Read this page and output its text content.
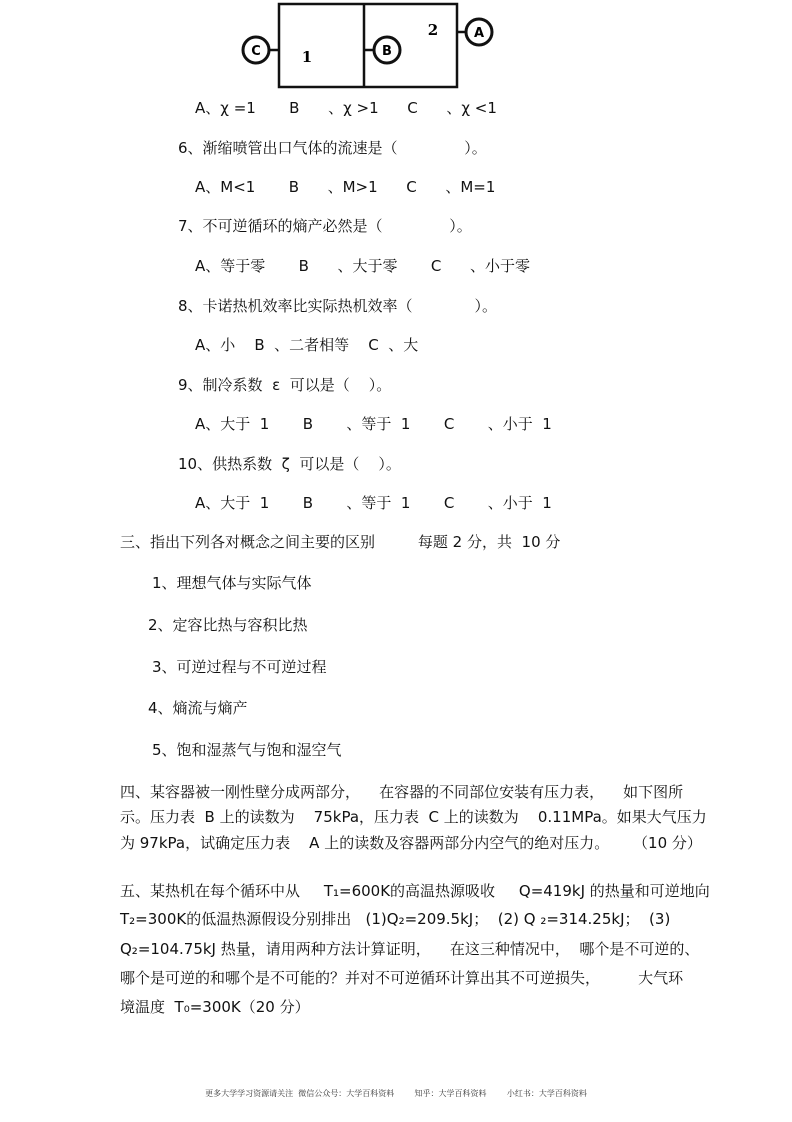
C	B
A
1
2
A、χ =1       B      、χ >1      C      、χ <1
6、渐缩喷管出口气体的流速是（              ）。
A、M<1       B      、M>1      C      、M=1
7、不可逆循环的熵产必然是（              ）。
A、等于零       B      、大于零       C      、小于零
8、卡诺热机效率比实际热机效率（             ）。
A、小    B  、二者相等    C  、大
9、制冷系数  ε  可以是（    ）。
A、大于  1       B       、等于  1       C       、小于  1
10、供热系数  ζ  可以是（    ）。
A、大于  1       B       、等于  1       C       、小于  1
三、指出下列各对概念之间主要的区别         每题 2 分，共  10 分
1、理想气体与实际气体
2、定容比热与容积比热
3、可逆过程与不可逆过程
4、熵流与熵产
5、饱和湿蒸气与饱和湿空气
四、某容器被一刚性壁分成两部分，    在容器的不同部位安装有压力表，    如下图所
示。压力表  B 上的读数为    75kPa，压力表  C 上的读数为    0.11MPa。如果大气压力
为 97kPa，试确定压力表    A 上的读数及容器两部分内空气的绝对压力。     （10 分）
五、某热机在每个循环中从     T₁=600K的高温热源吸收     Q=419kJ 的热量和可逆地向
T₂=300K的低温热源假设分别排出   (1)Q₂=209.5kJ；  (2) Q ₂=314.25kJ；  (3)
Q₂=104.75kJ 热量，请用两种方法计算证明，    在这三种情况中，  哪个是不可逆的、
哪个是可逆的和哪个是不可能的？并对不可逆循环计算出其不可逆损失，        大气环
境温度  T₀=300K（20 分）
更多大学学习资源请关注  微信公众号：大学百科资料        知乎：大学百科资料        小红书：大学百科资料
